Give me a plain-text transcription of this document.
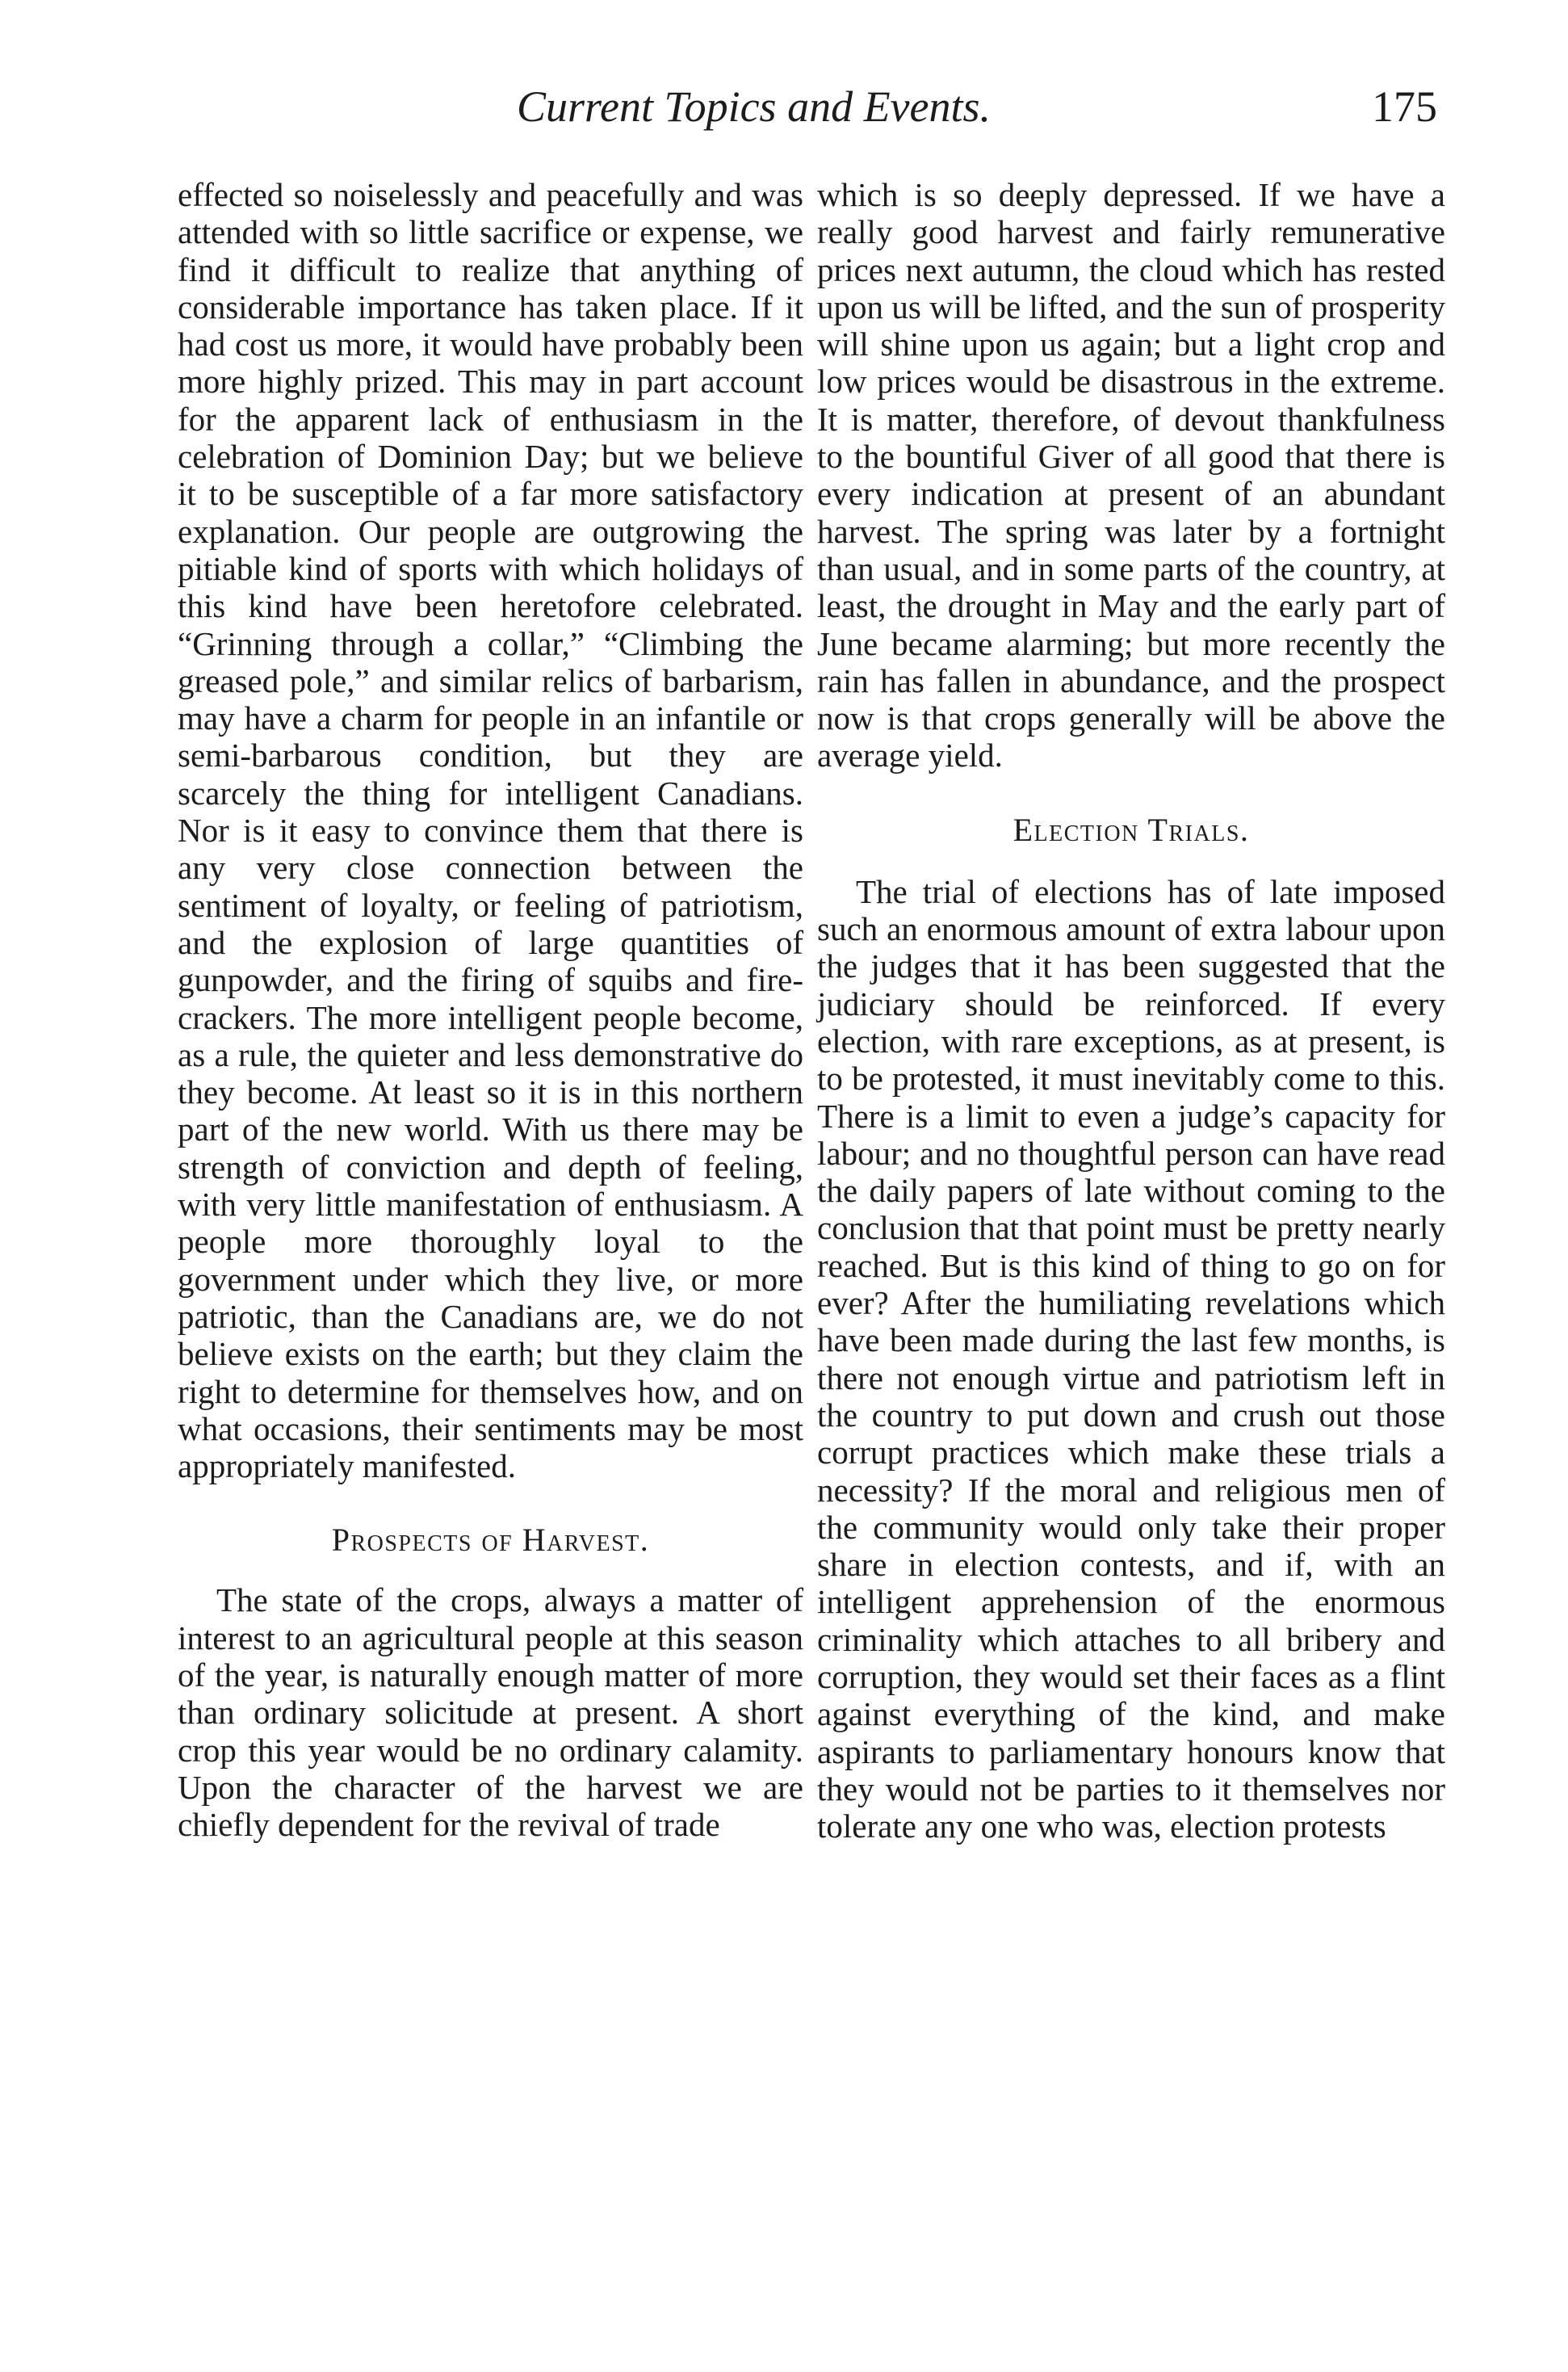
Current Topics and Events.	175

effected so noiselessly and peacefully and was attended with so little sacrifice or expense, we find it difficult to realize that anything of considerable importance has taken place. If it had cost us more, it would have probably been more highly prized. This may in part account for the apparent lack of enthusiasm in the celebration of Dominion Day; but we believe it to be susceptible of a far more satisfactory explanation. Our people are outgrowing the pitiable kind of sports with which holidays of this kind have been heretofore celebrated. “Grinning through a collar,” “Climbing the greased pole,” and similar relics of barbarism, may have a charm for people in an infantile or semi-barbarous condition, but they are scarcely the thing for intelligent Canadians. Nor is it easy to convince them that there is any very close connection between the sentiment of loyalty, or feeling of patriotism, and the explosion of large quantities of gunpowder, and the firing of squibs and fire-crackers. The more intelligent people become, as a rule, the quieter and less demonstrative do they become. At least so it is in this northern part of the new world. With us there may be strength of conviction and depth of feeling, with very little manifestation of enthusiasm. A people more thoroughly loyal to the government under which they live, or more patriotic, than the Canadians are, we do not believe exists on the earth; but they claim the right to determine for themselves how, and on what occasions, their sentiments may be most appropriately manifested.

Prospects of Harvest.

The state of the crops, always a matter of interest to an agricultural people at this season of the year, is naturally enough matter of more than ordinary solicitude at present. A short crop this year would be no ordinary calamity. Upon the character of the harvest we are chiefly dependent for the revival of trade

which is so deeply depressed. If we have a really good harvest and fairly remunerative prices next autumn, the cloud which has rested upon us will be lifted, and the sun of prosperity will shine upon us again; but a light crop and low prices would be disastrous in the extreme. It is matter, therefore, of devout thankfulness to the bountiful Giver of all good that there is every indication at present of an abundant harvest. The spring was later by a fortnight than usual, and in some parts of the country, at least, the drought in May and the early part of June became alarming; but more recently the rain has fallen in abundance, and the prospect now is that crops generally will be above the average yield.

Election Trials.

The trial of elections has of late imposed such an enormous amount of extra labour upon the judges that it has been suggested that the judiciary should be reinforced. If every election, with rare exceptions, as at present, is to be protested, it must inevitably come to this. There is a limit to even a judge’s capacity for labour; and no thoughtful person can have read the daily papers of late without coming to the conclusion that that point must be pretty nearly reached. But is this kind of thing to go on for ever? After the humiliating revelations which have been made during the last few months, is there not enough virtue and patriotism left in the country to put down and crush out those corrupt practices which make these trials a necessity? If the moral and religious men of the community would only take their proper share in election contests, and if, with an intelligent apprehension of the enormous criminality which attaches to all bribery and corruption, they would set their faces as a flint against everything of the kind, and make aspirants to parliamentary honours know that they would not be parties to it themselves nor tolerate any one who was, election protests
